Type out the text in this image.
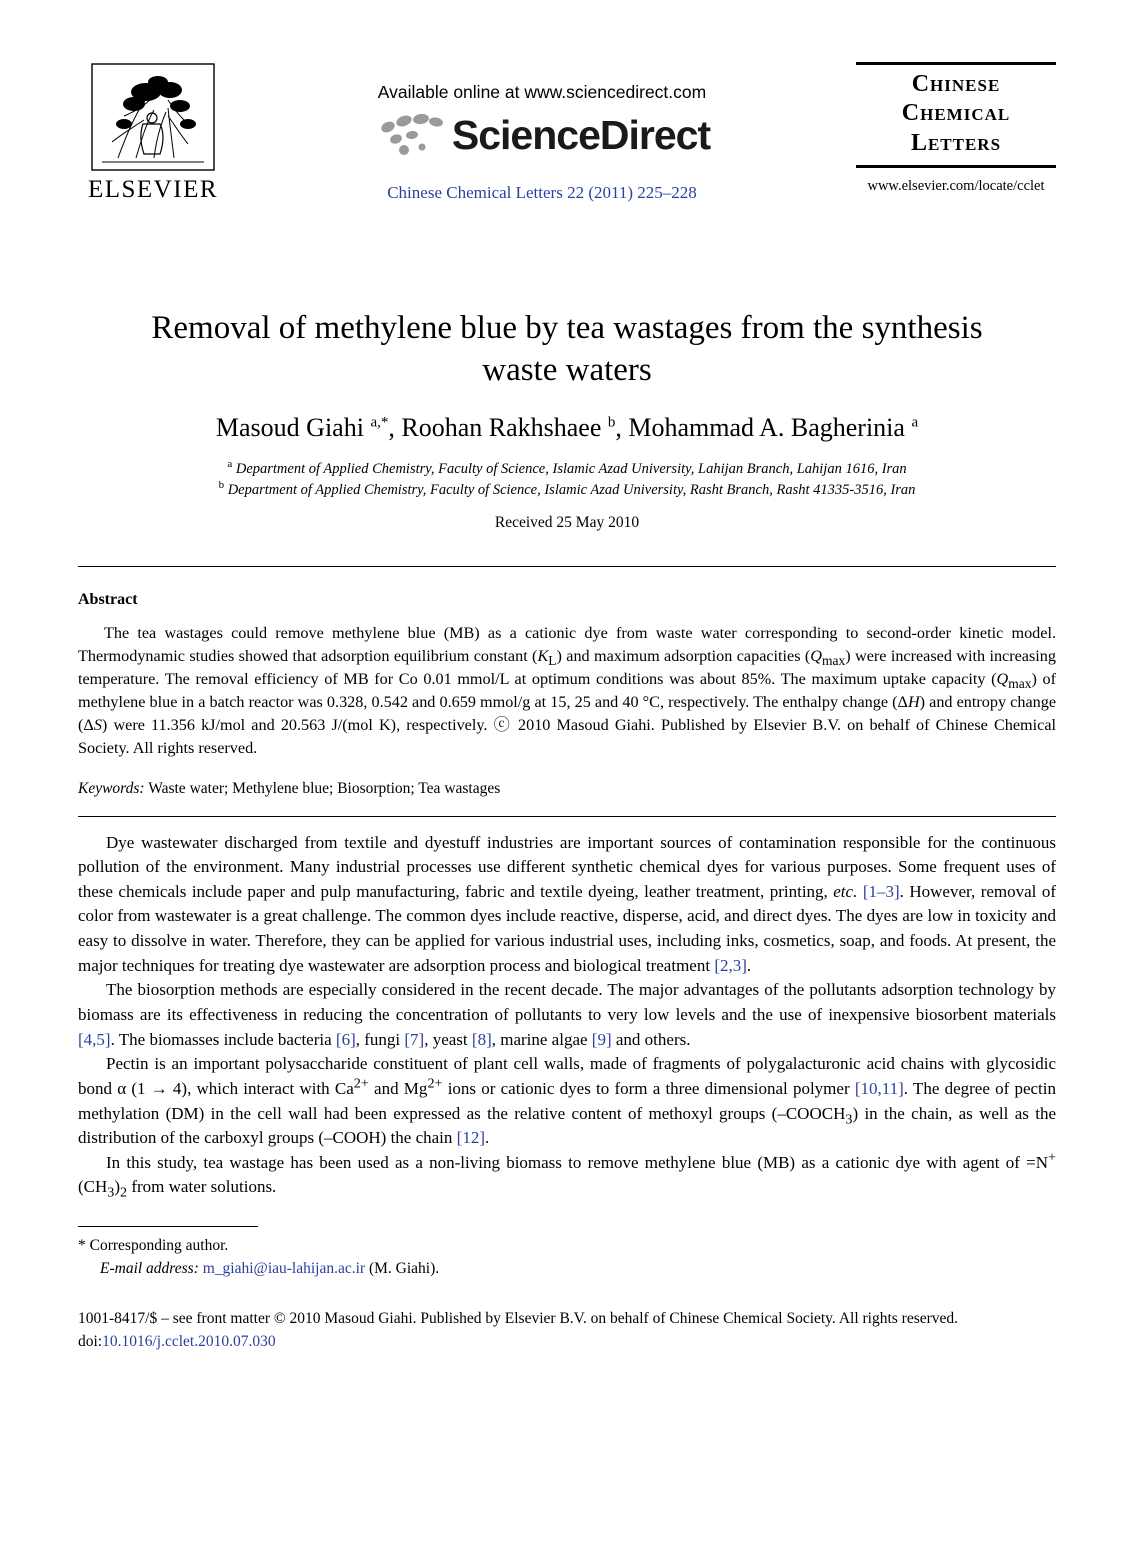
ELSEVIER
Available online at www.sciencedirect.com
ScienceDirect
Chinese Chemical Letters 22 (2011) 225–228
Chinese
Chemical
Letters
www.elsevier.com/locate/cclet
Removal of methylene blue by tea wastages from the synthesis waste waters
Masoud Giahi $^{a,*}$, Roohan Rakhshaee $^b$, Mohammad A. Bagherinia $^a$
$^a$ Department of Applied Chemistry, Faculty of Science, Islamic Azad University, Lahijan Branch, Lahijan 1616, Iran
$^b$ Department of Applied Chemistry, Faculty of Science, Islamic Azad University, Rasht Branch, Rasht 41335-3516, Iran
Received 25 May 2010
Abstract
The tea wastages could remove methylene blue (MB) as a cationic dye from waste water corresponding to second-order kinetic model. Thermodynamic studies showed that adsorption equilibrium constant $(K_L)$ and maximum adsorption capacities $(Q_{max})$ were increased with increasing temperature. The removal efficiency of MB for Co 0.01 mmol/L at optimum conditions was about 85%. The maximum uptake capacity $(Q_{max})$ of methylene blue in a batch reactor was 0.328, 0.542 and 0.659 mmol/g at 15, 25 and 40 °C, respectively. The enthalpy change (ΔH) and entropy change (ΔS) were 11.356 kJ/mol and 20.563 J/(mol K), respectively. ⓒ 2010 Masoud Giahi. Published by Elsevier B.V. on behalf of Chinese Chemical Society. All rights reserved.
Keywords: Waste water; Methylene blue; Biosorption; Tea wastages

Dye wastewater discharged from textile and dyestuff industries are important sources of contamination responsible for the continuous pollution of the environment. Many industrial processes use different synthetic chemical dyes for various purposes. Some frequent uses of these chemicals include paper and pulp manufacturing, fabric and textile dyeing, leather treatment, printing, etc. [1–3]. However, removal of color from wastewater is a great challenge. The common dyes include reactive, disperse, acid, and direct dyes. The dyes are low in toxicity and easy to dissolve in water. Therefore, they can be applied for various industrial uses, including inks, cosmetics, soap, and foods. At present, the major techniques for treating dye wastewater are adsorption process and biological treatment [2,3].

The biosorption methods are especially considered in the recent decade. The major advantages of the pollutants adsorption technology by biomass are its effectiveness in reducing the concentration of pollutants to very low levels and the use of inexpensive biosorbent materials [4,5]. The biomasses include bacteria [6], fungi [7], yeast [8], marine algae [9] and others.

Pectin is an important polysaccharide constituent of plant cell walls, made of fragments of polygalacturonic acid chains with glycosidic bond α (1 → 4), which interact with $Ca^{2+}$ and $Mg^{2+}$ ions or cationic dyes to form a three dimensional polymer [10,11]. The degree of pectin methylation (DM) in the cell wall had been expressed as the relative content of methoxyl groups $(-COOCH_3)$ in the chain, as well as the distribution of the carboxyl groups (–COOH) the chain [12].

In this study, tea wastage has been used as a non-living biomass to remove methylene blue (MB) as a cationic dye with agent of $=N^+(CH_3)_2$ from water solutions.

* Corresponding author.
E-mail address: m_giahi@iau-lahijan.ac.ir (M. Giahi).
1001-8417/$ – see front matter © 2010 Masoud Giahi. Published by Elsevier B.V. on behalf of Chinese Chemical Society. All rights reserved.
doi:10.1016/j.cclet.2010.07.030
